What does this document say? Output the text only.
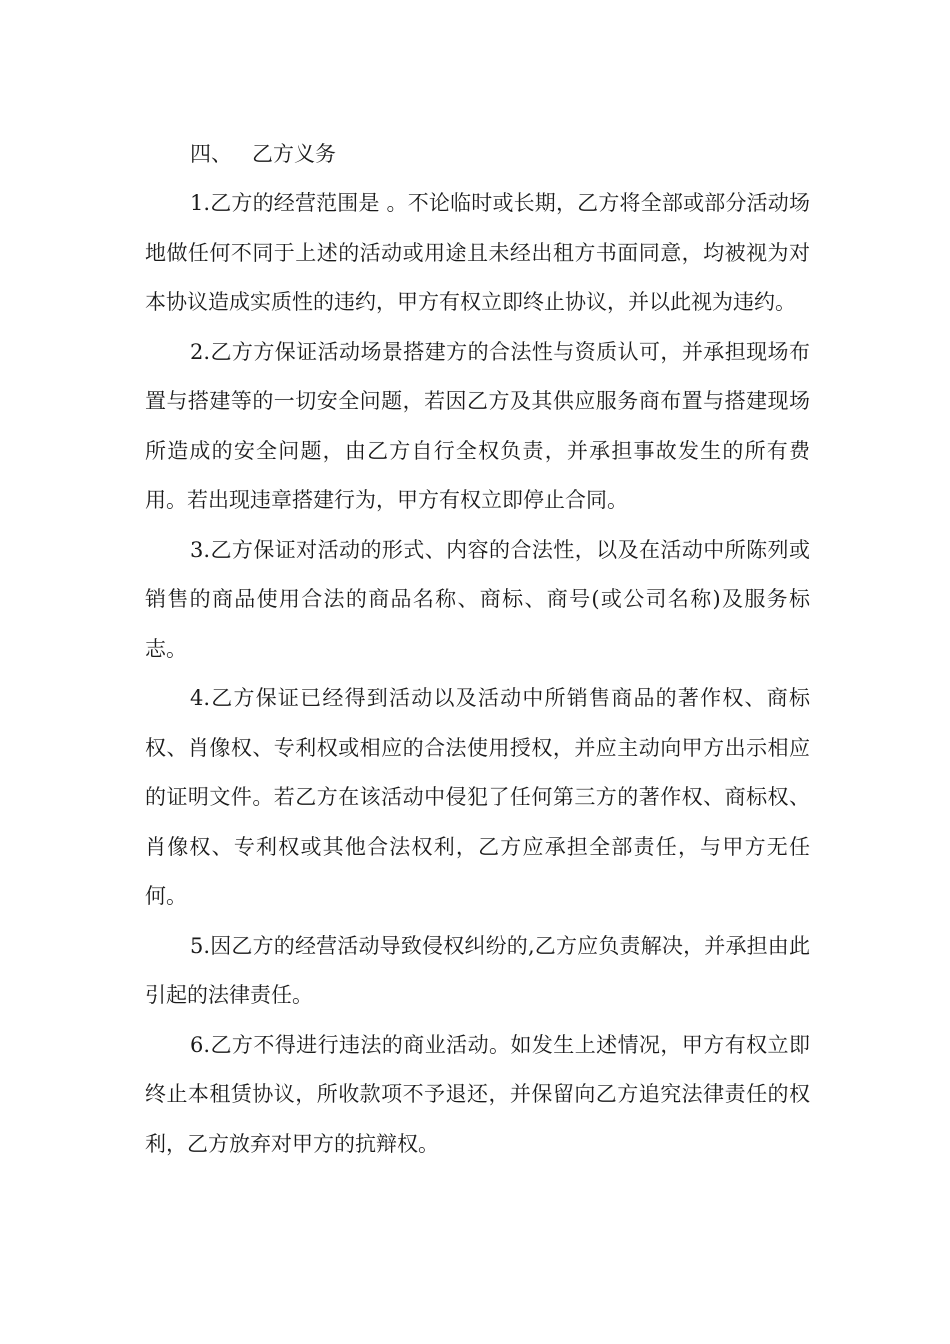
四、 乙方义务

1.乙方的经营范围是 。不论临时或长期，乙方将全部或部分活动场地做任何不同于上述的活动或用途且未经出租方书面同意，均被视为对本协议造成实质性的违约，甲方有权立即终止协议，并以此视为违约。

2.乙方方保证活动场景搭建方的合法性与资质认可，并承担现场布置与搭建等的一切安全问题，若因乙方及其供应服务商布置与搭建现场所造成的安全问题，由乙方自行全权负责，并承担事故发生的所有费用。若出现违章搭建行为，甲方有权立即停止合同。

3.乙方保证对活动的形式、内容的合法性，以及在活动中所陈列或销售的商品使用合法的商品名称、商标、商号(或公司名称)及服务标志。

4.乙方保证已经得到活动以及活动中所销售商品的著作权、商标权、肖像权、专利权或相应的合法使用授权，并应主动向甲方出示相应的证明文件。若乙方在该活动中侵犯了任何第三方的著作权、商标权、肖像权、专利权或其他合法权利，乙方应承担全部责任，与甲方无任何。

5.因乙方的经营活动导致侵权纠纷的,乙方应负责解决，并承担由此引起的法律责任。

6.乙方不得进行违法的商业活动。如发生上述情况，甲方有权立即终止本租赁协议，所收款项不予退还，并保留向乙方追究法律责任的权利，乙方放弃对甲方的抗辩权。
